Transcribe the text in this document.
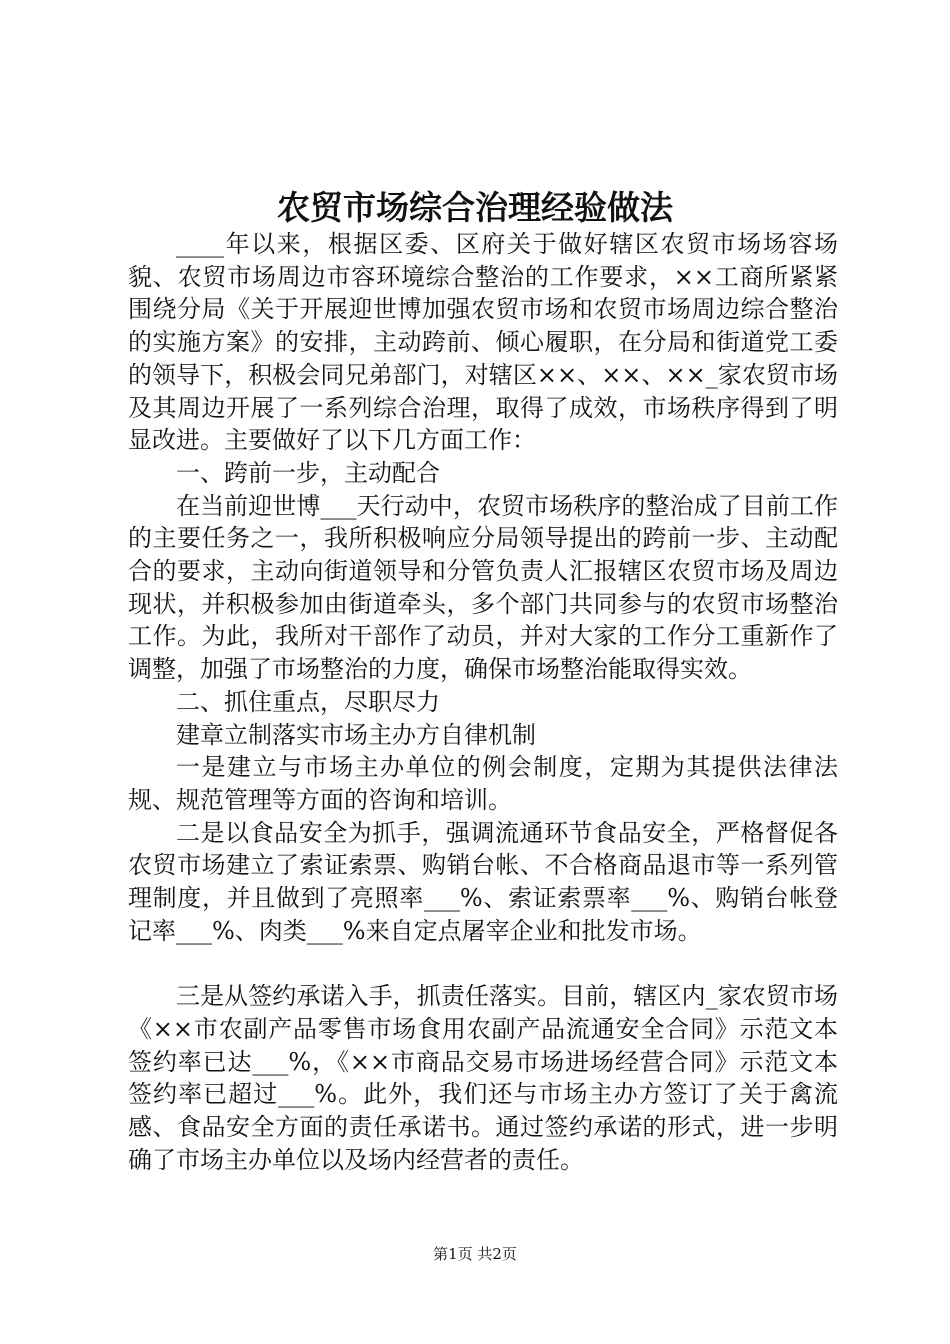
农贸市场综合治理经验做法

____年以来，根据区委、区府关于做好辖区农贸市场场容场貌、农贸市场周边市容环境综合整治的工作要求，××工商所紧紧围绕分局《关于开展迎世博加强农贸市场和农贸市场周边综合整治的实施方案》的安排，主动跨前、倾心履职，在分局和街道党工委的领导下，积极会同兄弟部门，对辖区××、××、××_家农贸市场及其周边开展了一系列综合治理，取得了成效，市场秩序得到了明显改进。主要做好了以下几方面工作：

一、跨前一步，主动配合

在当前迎世博___天行动中，农贸市场秩序的整治成了目前工作的主要任务之一，我所积极响应分局领导提出的跨前一步、主动配合的要求，主动向街道领导和分管负责人汇报辖区农贸市场及周边现状，并积极参加由街道牵头，多个部门共同参与的农贸市场整治工作。为此，我所对干部作了动员，并对大家的工作分工重新作了调整，加强了市场整治的力度，确保市场整治能取得实效。

二、抓住重点，尽职尽力

建章立制落实市场主办方自律机制

一是建立与市场主办单位的例会制度，定期为其提供法律法规、规范管理等方面的咨询和培训。

二是以食品安全为抓手，强调流通环节食品安全，严格督促各农贸市场建立了索证索票、购销台帐、不合格商品退市等一系列管理制度，并且做到了亮照率___%、索证索票率___%、购销台帐登记率___%、肉类___%来自定点屠宰企业和批发市场。

三是从签约承诺入手，抓责任落实。目前，辖区内_家农贸市场《××市农副产品零售市场食用农副产品流通安全合同》示范文本签约率已达___%，《××市商品交易市场进场经营合同》示范文本签约率已超过___%。此外，我们还与市场主办方签订了关于禽流感、食品安全方面的责任承诺书。通过签约承诺的形式，进一步明确了市场主办单位以及场内经营者的责任。

第1页 共2页
